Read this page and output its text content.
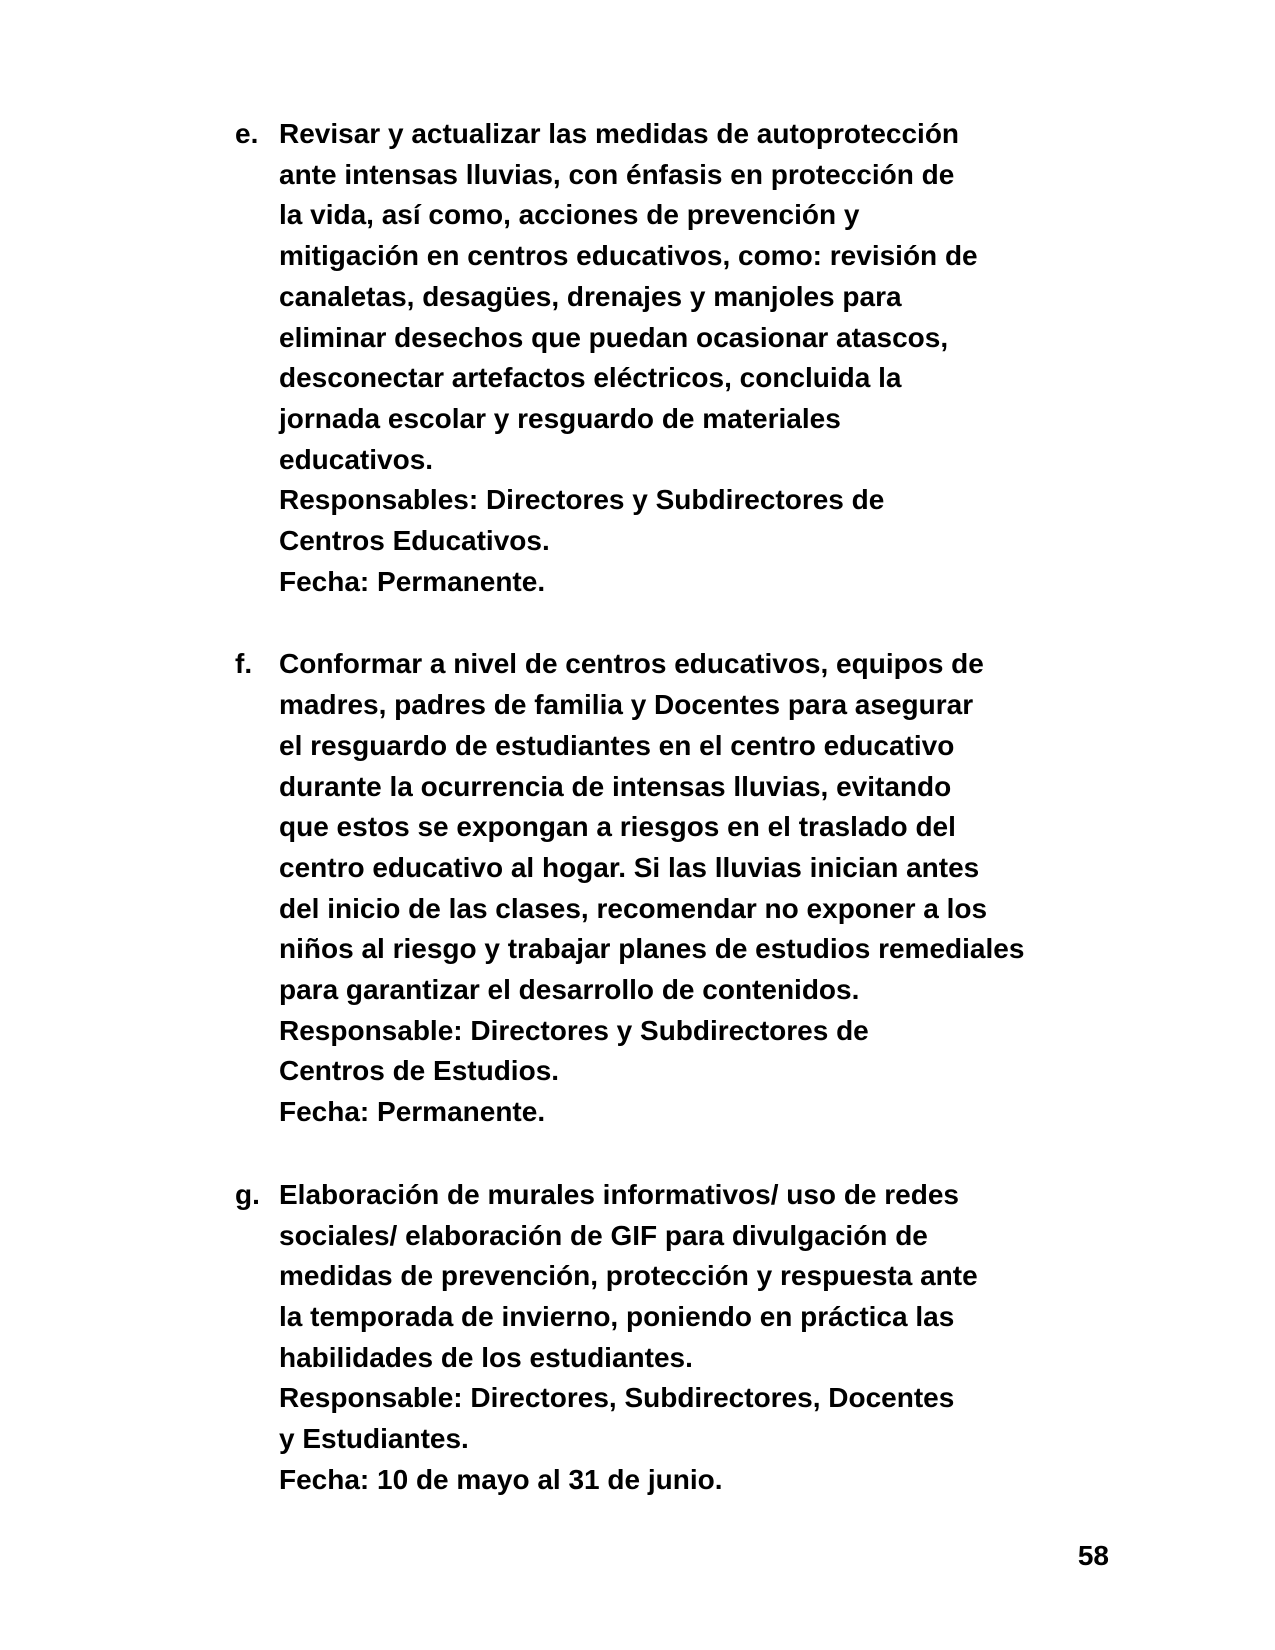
e. Revisar y actualizar las medidas de autoprotección
ante intensas lluvias, con énfasis en protección de
la vida, así como, acciones de prevención y
mitigación en centros educativos, como: revisión de
canaletas, desagües, drenajes y manjoles para
eliminar desechos que puedan ocasionar atascos,
desconectar artefactos eléctricos, concluida la
jornada escolar y resguardo de materiales
educativos.
Responsables: Directores y Subdirectores de
Centros Educativos.
Fecha: Permanente.
f. Conformar a nivel de centros educativos, equipos de
madres, padres de familia y Docentes para asegurar
el resguardo de estudiantes en el centro educativo
durante la ocurrencia de intensas lluvias, evitando
que estos se expongan a riesgos en el traslado del
centro educativo al hogar. Si las lluvias inician antes
del inicio de las clases, recomendar no exponer a los
niños al riesgo y trabajar planes de estudios remediales
para garantizar el desarrollo de contenidos.
Responsable: Directores y Subdirectores de
Centros de Estudios.
Fecha: Permanente.
g. Elaboración de murales informativos/ uso de redes
sociales/ elaboración de GIF para divulgación de
medidas de prevención, protección y respuesta ante
la temporada de invierno, poniendo en práctica las
habilidades de los estudiantes.
Responsable: Directores, Subdirectores, Docentes
y Estudiantes.
Fecha: 10 de mayo al 31 de junio.
58
